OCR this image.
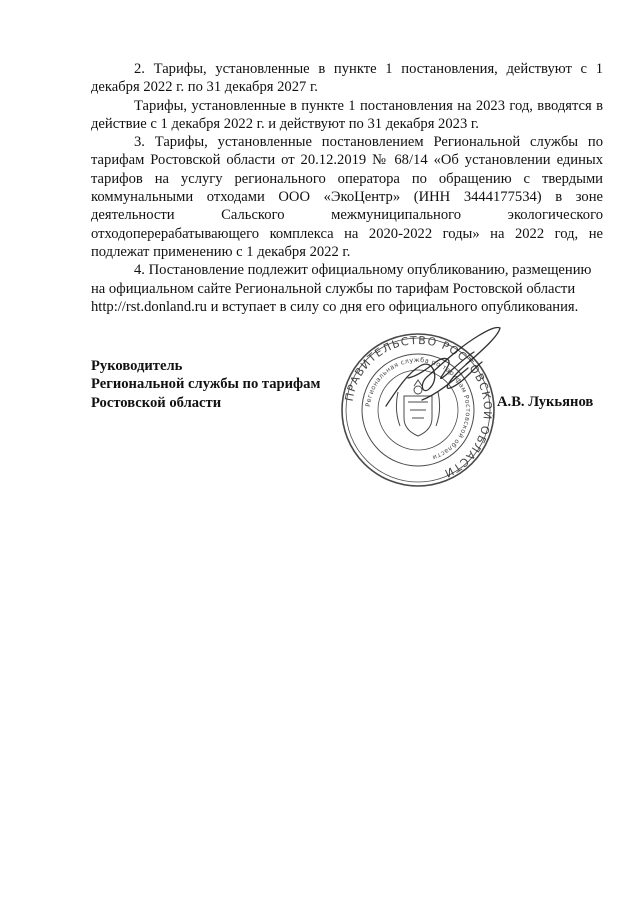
2. Тарифы, установленные в пункте 1 постановления, действуют с 1 декабря 2022 г. по 31 декабря 2027 г.

Тарифы, установленные в пункте 1 постановления на 2023 год, вводятся в действие с 1 декабря 2022 г. и действуют по 31 декабря 2023 г.

3. Тарифы, установленные постановлением Региональной службы по тарифам Ростовской области от 20.12.2019 № 68/14 «Об установлении единых тарифов на услугу регионального оператора по обращению с твердыми коммунальными отходами ООО «ЭкоЦентр» (ИНН 3444177534) в зоне деятельности Сальского межмуниципального экологического отходоперерабатывающего комплекса на 2020-2022 годы» на 2022 год, не подлежат применению с 1 декабря 2022 г.

4. Постановление подлежит официальному опубликованию, размещению на официальном сайте Региональной службы по тарифам Ростовской области http://rst.donland.ru и вступает в силу со дня его официального опубликования.

ПРАВИТЕЛЬСТВО РОСТОВСКОЙ ОБЛАСТИ
Региональная служба по тарифам Ростовской области
Руководитель
Региональной службы по тарифам
Ростовской области	А.В. Лукьянов
